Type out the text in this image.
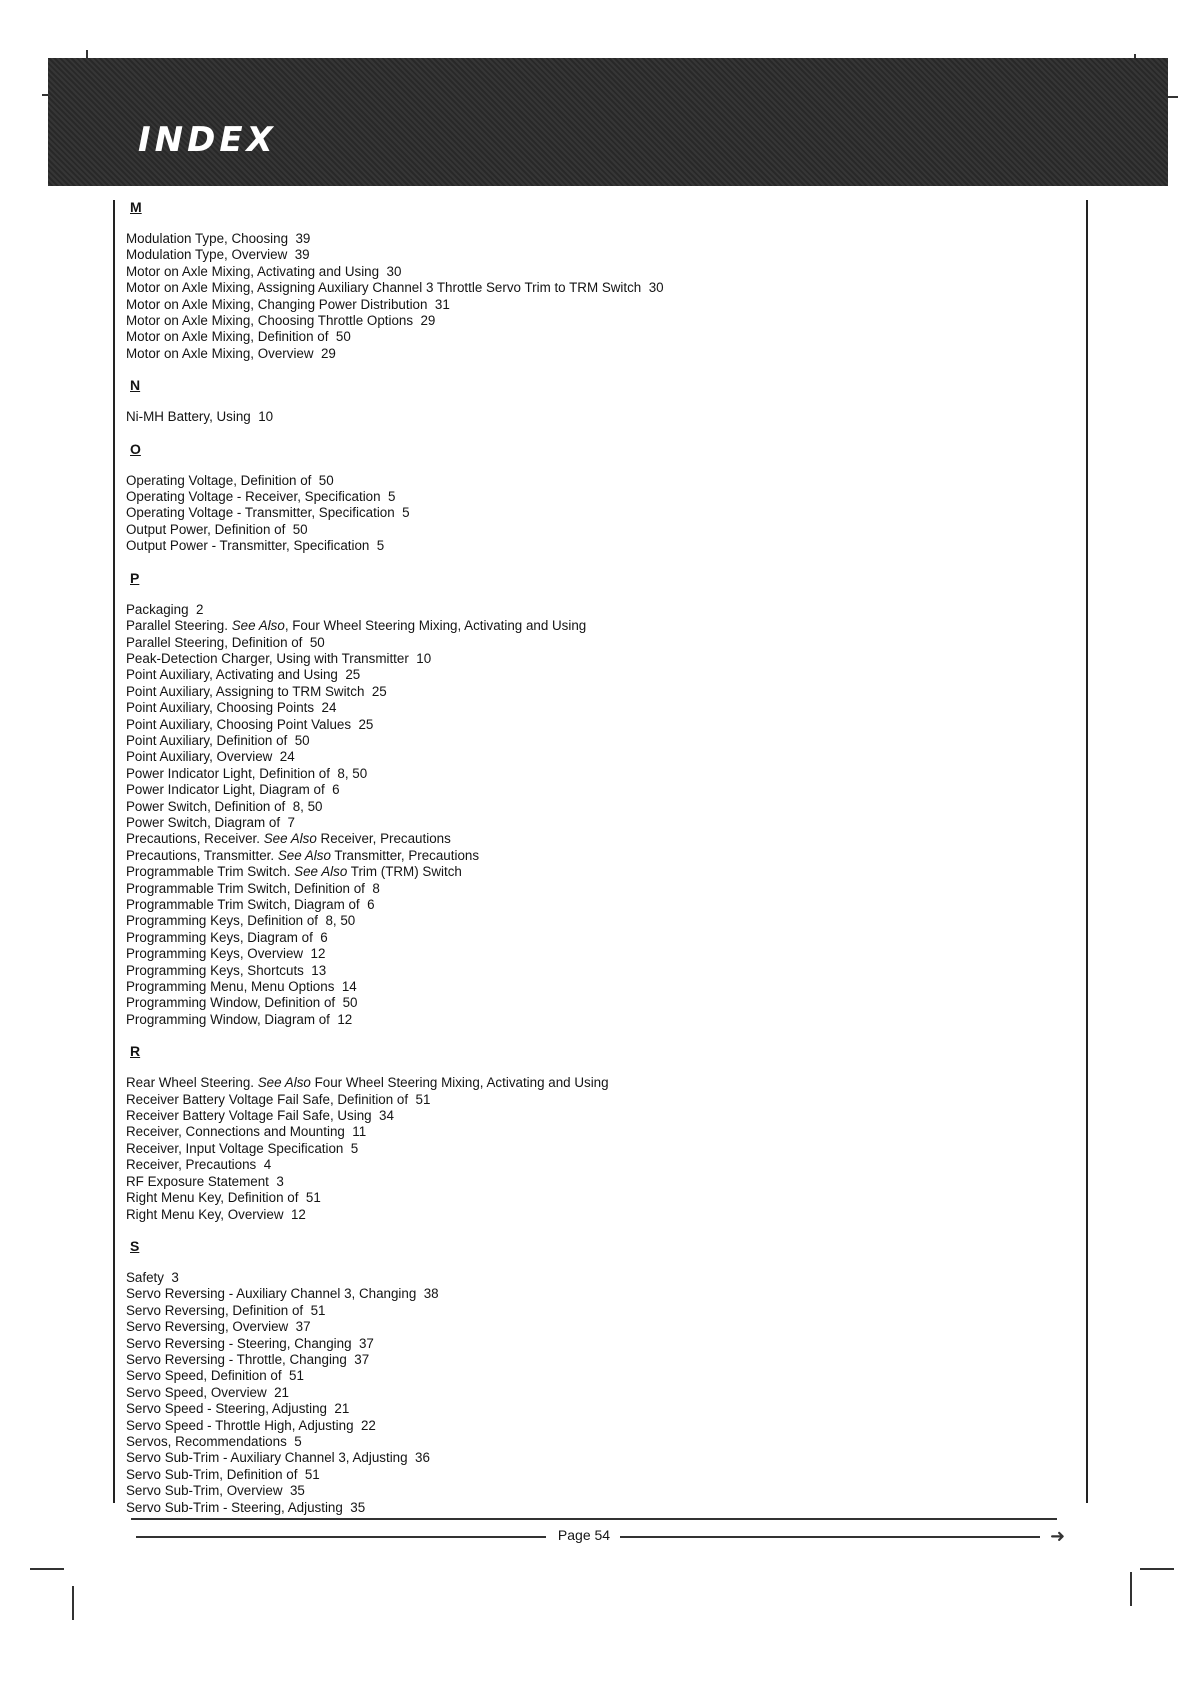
INDEX
M
Modulation Type, Choosing  39
Modulation Type, Overview  39
Motor on Axle Mixing, Activating and Using  30
Motor on Axle Mixing, Assigning Auxiliary Channel 3 Throttle Servo Trim to TRM Switch  30
Motor on Axle Mixing, Changing Power Distribution  31
Motor on Axle Mixing, Choosing Throttle Options  29
Motor on Axle Mixing, Definition of  50
Motor on Axle Mixing, Overview  29
N
Ni-MH Battery, Using  10
O
Operating Voltage, Definition of  50
Operating Voltage - Receiver, Specification  5
Operating Voltage - Transmitter, Specification  5
Output Power, Definition of  50
Output Power - Transmitter, Specification  5
P
Packaging  2
Parallel Steering. See Also, Four Wheel Steering Mixing, Activating and Using
Parallel Steering, Definition of  50
Peak-Detection Charger, Using with Transmitter  10
Point Auxiliary, Activating and Using  25
Point Auxiliary, Assigning to TRM Switch  25
Point Auxiliary, Choosing Points  24
Point Auxiliary, Choosing Point Values  25
Point Auxiliary, Definition of  50
Point Auxiliary, Overview  24
Power Indicator Light, Definition of  8, 50
Power Indicator Light, Diagram of  6
Power Switch, Definition of  8, 50
Power Switch, Diagram of  7
Precautions, Receiver. See Also Receiver, Precautions
Precautions, Transmitter. See Also Transmitter, Precautions
Programmable Trim Switch. See Also Trim (TRM) Switch
Programmable Trim Switch, Definition of  8
Programmable Trim Switch, Diagram of  6
Programming Keys, Definition of  8, 50
Programming Keys, Diagram of  6
Programming Keys, Overview  12
Programming Keys, Shortcuts  13
Programming Menu, Menu Options  14
Programming Window, Definition of  50
Programming Window, Diagram of  12
R
Rear Wheel Steering. See Also Four Wheel Steering Mixing, Activating and Using
Receiver Battery Voltage Fail Safe, Definition of  51
Receiver Battery Voltage Fail Safe, Using  34
Receiver, Connections and Mounting  11
Receiver, Input Voltage Specification  5
Receiver, Precautions  4
RF Exposure Statement  3
Right Menu Key, Definition of  51
Right Menu Key, Overview  12
S
Safety  3
Servo Reversing - Auxiliary Channel 3, Changing  38
Servo Reversing, Definition of  51
Servo Reversing, Overview  37
Servo Reversing - Steering, Changing  37
Servo Reversing - Throttle, Changing  37
Servo Speed, Definition of  51
Servo Speed, Overview  21
Servo Speed - Steering, Adjusting  21
Servo Speed - Throttle High, Adjusting  22
Servos, Recommendations  5
Servo Sub-Trim - Auxiliary Channel 3, Adjusting  36
Servo Sub-Trim, Definition of  51
Servo Sub-Trim, Overview  35
Servo Sub-Trim - Steering, Adjusting  35
Page 54	➜
